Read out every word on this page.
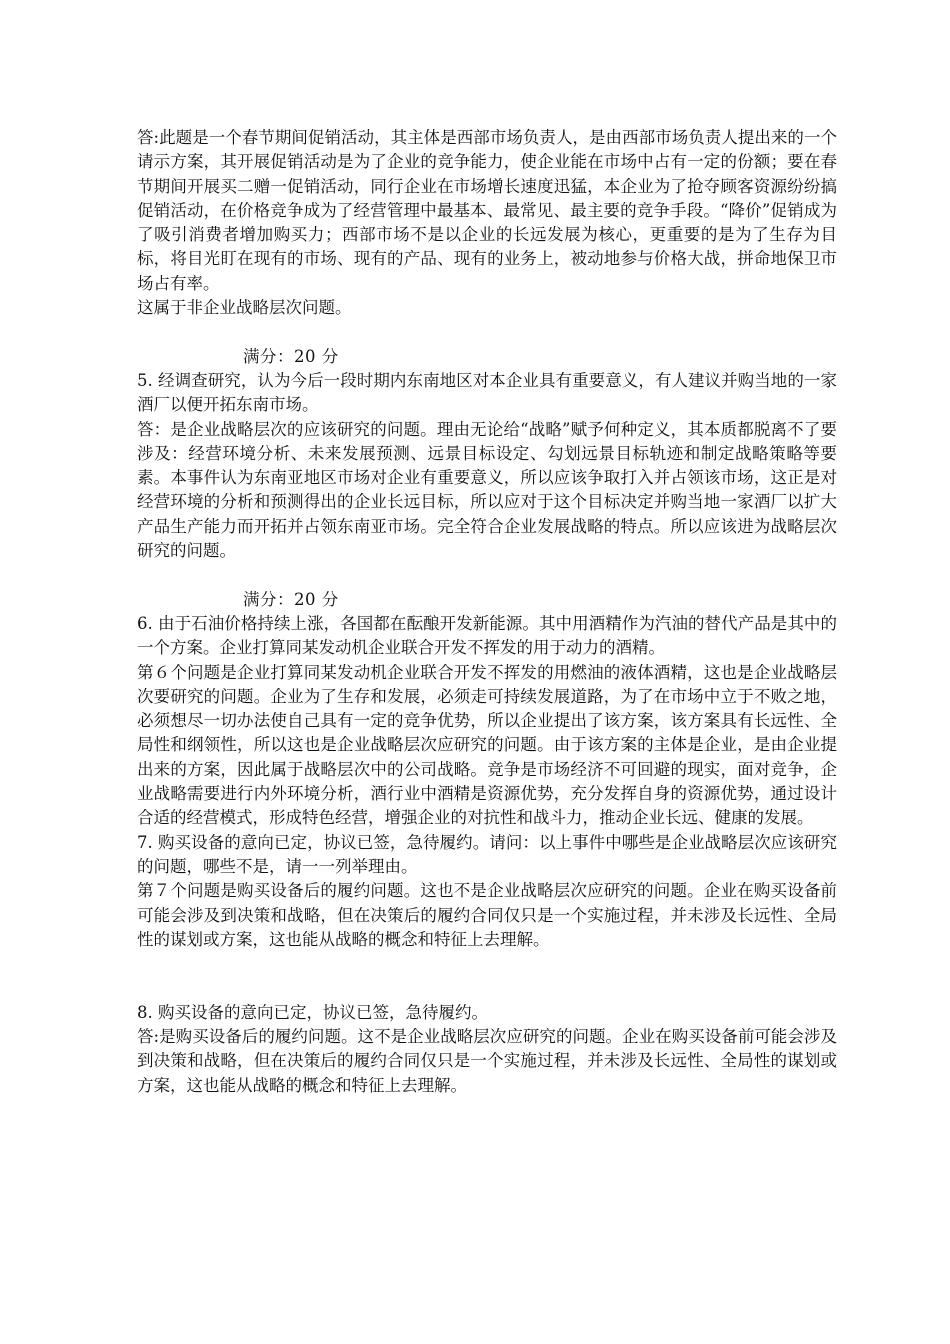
答:此题是一个春节期间促销活动，其主体是西部市场负责人，是由西部市场负责人提出来的一个请示方案，其开展促销活动是为了企业的竞争能力，使企业能在市场中占有一定的份额；要在春节期间开展买二赠一促销活动，同行企业在市场增长速度迅猛，本企业为了抢夺顾客资源纷纷搞促销活动，在价格竞争成为了经营管理中最基本、最常见、最主要的竞争手段。“降价”促销成为了吸引消费者增加购买力；西部市场不是以企业的长远发展为核心，更重要的是为了生存为目标，将目光盯在现有的市场、现有的产品、现有的业务上，被动地参与价格大战，拼命地保卫市场占有率。

这属于非企业战略层次问题。

满分：20 分

5. 经调查研究，认为今后一段时期内东南地区对本企业具有重要意义，有人建议并购当地的一家酒厂以便开拓东南市场。

答：是企业战略层次的应该研究的问题。理由无论给“战略”赋予何种定义，其本质都脱离不了要涉及：经营环境分析、未来发展预测、远景目标设定、勾划远景目标轨迹和制定战略策略等要素。本事件认为东南亚地区市场对企业有重要意义，所以应该争取打入并占领该市场，这正是对经营环境的分析和预测得出的企业长远目标，所以应对于这个目标决定并购当地一家酒厂以扩大产品生产能力而开拓并占领东南亚市场。完全符合企业发展战略的特点。所以应该进为战略层次研究的问题。

满分：20 分

6. 由于石油价格持续上涨，各国都在酝酿开发新能源。其中用酒精作为汽油的替代产品是其中的一个方案。企业打算同某发动机企业联合开发不挥发的用于动力的酒精。

第６个问题是企业打算同某发动机企业联合开发不挥发的用燃油的液体酒精，这也是企业战略层次要研究的问题。企业为了生存和发展，必须走可持续发展道路，为了在市场中立于不败之地，必须想尽一切办法使自己具有一定的竞争优势，所以企业提出了该方案，该方案具有长远性、全局性和纲领性，所以这也是企业战略层次应研究的问题。由于该方案的主体是企业，是由企业提出来的方案，因此属于战略层次中的公司战略。竞争是市场经济不可回避的现实，面对竞争，企业战略需要进行内外环境分析，酒行业中酒精是资源优势，充分发挥自身的资源优势，通过设计合适的经营模式，形成特色经营，增强企业的对抗性和战斗力，推动企业长远、健康的发展。

7. 购买设备的意向已定，协议已签，急待履约。请问：以上事件中哪些是企业战略层次应该研究的问题，哪些不是，请一一列举理由。

第７个问题是购买设备后的履约问题。这也不是企业战略层次应研究的问题。企业在购买设备前可能会涉及到决策和战略，但在决策后的履约合同仅只是一个实施过程，并未涉及长远性、全局性的谋划或方案，这也能从战略的概念和特征上去理解。

8. 购买设备的意向已定，协议已签，急待履约。

答:是购买设备后的履约问题。这不是企业战略层次应研究的问题。企业在购买设备前可能会涉及到决策和战略，但在决策后的履约合同仅只是一个实施过程，并未涉及长远性、全局性的谋划或方案，这也能从战略的概念和特征上去理解。
